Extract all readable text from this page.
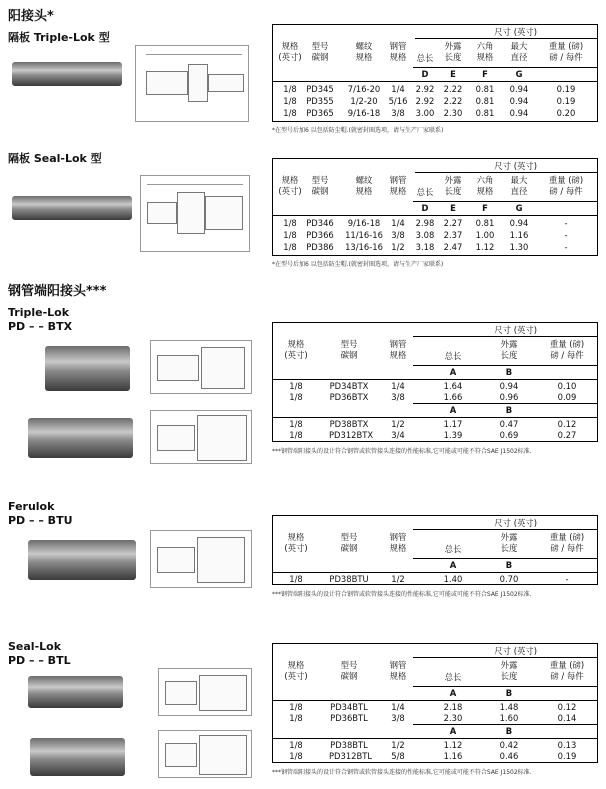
阳接头*
隔板 Triple-Lok 型
隔板 Seal-Lok 型
钢管端阳接头***
Triple-Lok
PD – – BTX
Ferulok
PD – – BTU
Seal-Lok
PD – – BTL
尺寸 (英寸)
规格
(英寸)
型号
碳钢
螺纹
规格
钢管
规格	总长
外露
长度
六角
规格
最大
直径
重量 (磅)
磅 / 每件
D	E	F	G
1/8	PD345	7/16-20	1/4	2.92	2.22	0.81	0.94	0.19
1/8	PD355	1/2-20	5/16 2.92	2.22	0.81	0.94	0.19
1/8	PD365	9/16-18	3/8	3.00	2.30	0.81	0.94	0.20
*在型号后加6 以包括防尘帽.(就密封圈选项，请与生产厂家联系)
尺寸 (英寸)
规格
(英寸)
型号
碳钢
螺纹
规格
钢管
规格	总长
外露
长度
六角
规格
最大
直径
重量 (磅)
磅 / 每件
D	E	F	G
1/8	PD346	9/16-18	1/4	2.98	2.27	0.81	0.94	-
1/8	PD366 11/16-16 3/8	3.08	2.37	1.00	1.16	-
1/8	PD386 13/16-16 1/2	3.18	2.47	1.12	1.30	-
*在型号后加6 以包括防尘帽.(就密封圈选项，请与生产厂家联系)
尺寸 (英寸)
规格
(英寸)
型号
碳钢
钢管
规格	总长
外露
长度
重量 (磅)
磅 / 每件
A	B
1/8	PD34BTX	1/4	1.64	0.94	0.10
1/8	PD36BTX	3/8	1.66	0.96	0.09
A	B
1/8	PD38BTX	1/2	1.17	0.47	0.12
1/8	PD312BTX	3/4	1.39	0.69	0.27
***钢管端阳接头的设计符合钢管或软管接头连接的性能标准,它可能或可能不符合SAE J1502标准.
尺寸 (英寸)
规格
(英寸)
型号
碳钢
钢管
规格	总长
外露
长度
重量 (磅)
磅 / 每件
A	B
1/8	PD38BTU	1/2	1.40	0.70	-
***钢管端阳接头的设计符合钢管或软管接头连接的性能标准,它可能或可能不符合SAE J1502标准.
尺寸 (英寸)
规格
(英寸)
型号
碳钢
钢管
规格	总长
外露
长度
重量 (磅)
磅 / 每件
A	B
1/8	PD34BTL	1/4	2.18	1.48	0.12
1/8	PD36BTL	3/8	2.30	1.60	0.14
A	B
1/8	PD38BTL	1/2	1.12	0.42	0.13
1/8	PD312BTL	5/8	1.16	0.46	0.19
***钢管端阳接头的设计符合钢管或软管接头连接的性能标准,它可能或可能不符合SAE J1502标准.
